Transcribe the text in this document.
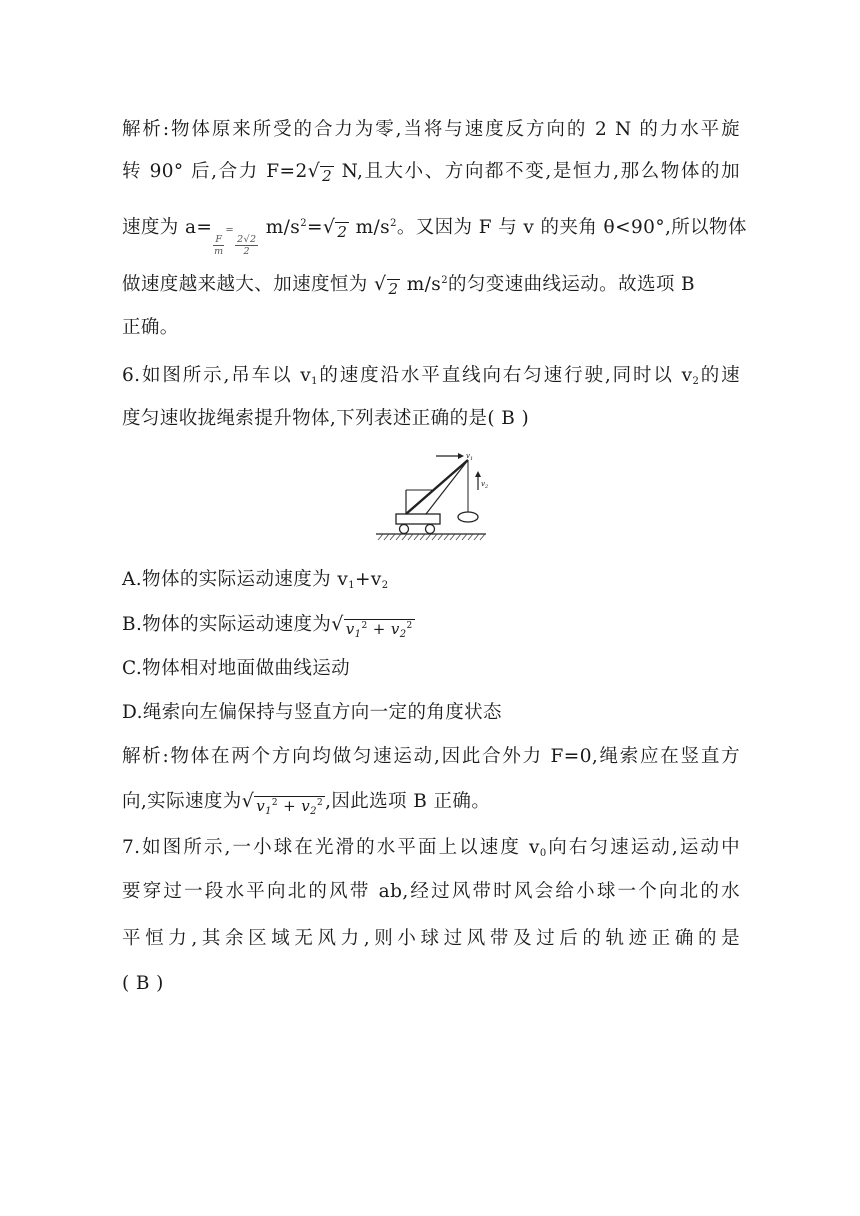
解析:物体原来所受的合力为零,当将与速度反方向的 2 N 的力水平旋
转 90° 后,合力 F=2 √ 2 N,且大小、方向都不变,是恒力,那么物体的加
速度为 a=
$\frac{F}{m}$
=
$\frac{2√2}{2}$
$m/s^2=$ √ 2 $m/s^2$。又因为 F 与 v 的夹角 θ<90°,所以物体
做速度越来越大、加速度恒为 √ 2 $m/s^2$的匀变速曲线运动。故选项 B
正确。
6.如图所示,吊车以 $v_1$的速度沿水平直线向右匀速行驶,同时以 $v_2$的速
度匀速收拢绳索提升物体,下列表述正确的是( B )
$v_1$
$v_2$
A.物体的实际运动速度为 $v_1+v_2$
B.物体的实际运动速度为 √ $v_1^2 + v_2^2$
C.物体相对地面做曲线运动
D.绳索向左偏保持与竖直方向一定的角度状态
解析:物体在两个方向均做匀速运动,因此合外力 F=0,绳索应在竖直方
向,实际速度为 √ $v_1^2 + v_2^2$ ,因此选项 B 正确。
7.如图所示,一小球在光滑的水平面上以速度 $v_0$向右匀速运动,运动中
要穿过一段水平向北的风带 ab,经过风带时风会给小球一个向北的水
平恒力,其余区域无风力,则小球过风带及过后的轨迹正确的是
( B )
